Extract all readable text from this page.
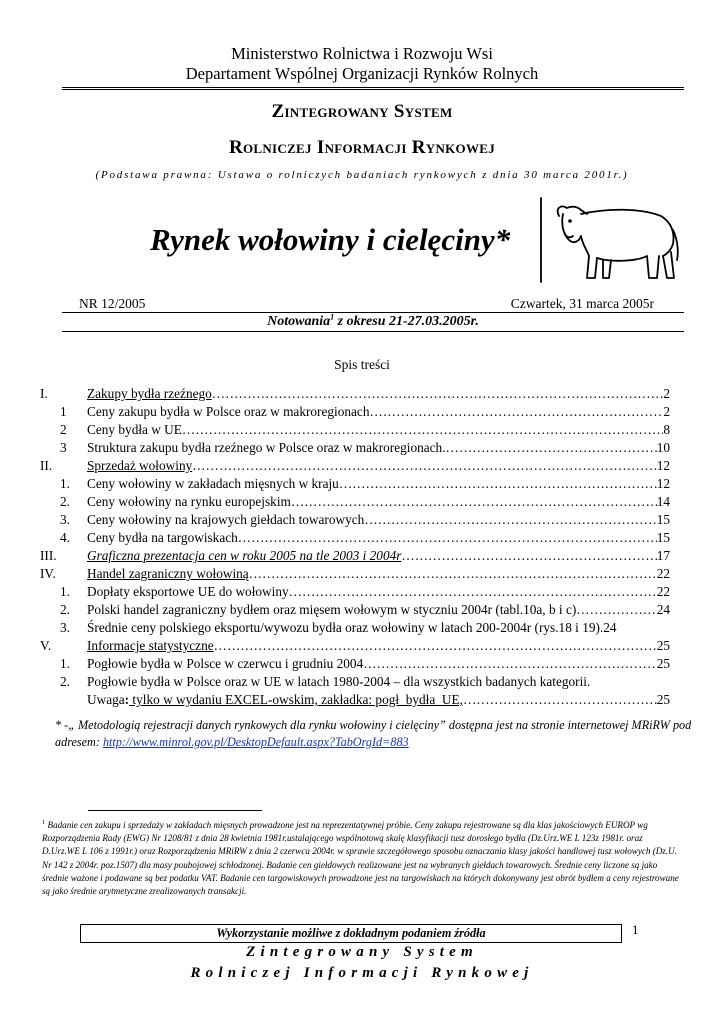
Ministerstwo Rolnictwa i Rozwoju Wsi
Departament Wspólnej Organizacji Rynków Rolnych
Zintegrowany System
Rolniczej Informacji Rynkowej
(Podstawa prawna: Ustawa o rolniczych badaniach rynkowych z dnia 30 marca 2001r.)
Rynek wołowiny i cielęciny*
NR 12/2005	Czwartek, 31 marca 2005r
Notowania$^1$ z okresu 21-27.03.2005r.
Spis treści
I.	Zakupy bydła rzeźnego ……………………………………………………………………………………………………………………………………………	2
1 Ceny zakupu bydła w Polsce oraz w makroregionach ……………………………………………………………………………………………………………………………………………	2
2 Ceny bydła w UE ……………………………………………………………………………………………………………………………………………	8
3 Struktura zakupu bydła rzeźnego w Polsce oraz w makroregionach. ……………………………………………………………………………………………………………………………………………	10
II.	Sprzedaż wołowiny ……………………………………………………………………………………………………………………………………………	12
1. Ceny wołowiny w zakładach mięsnych w kraju ……………………………………………………………………………………………………………………………………………	12
2. Ceny wołowiny na rynku europejskim ……………………………………………………………………………………………………………………………………………	14
3. Ceny wołowiny na krajowych giełdach towarowych ……………………………………………………………………………………………………………………………………………	15
4. Ceny bydła na targowiskach ……………………………………………………………………………………………………………………………………………	15
III. Graficzna prezentacja cen w roku 2005 na tle 2003 i 2004r ……………………………………………………………………………………………………………………………………………	17
IV. Handel zagraniczny wołowiną ……………………………………………………………………………………………………………………………………………	22
1. Dopłaty eksportowe UE do wołowiny ……………………………………………………………………………………………………………………………………………	22
2. Polski handel zagraniczny bydłem oraz mięsem wołowym w styczniu 2004r (tabl.10a, b i c) ……………………………………………………………………………………………………………………………………………	24
3. Średnie ceny polskiego eksportu/wywozu bydła oraz wołowiny w latach 200-2004r (rys.18 i 19). 24
V.	Informacje statystyczne ……………………………………………………………………………………………………………………………………………	25
1. Pogłowie bydła w Polsce w czerwcu i grudniu 2004 ……………………………………………………………………………………………………………………………………………	25
2. Pogłowie bydła w Polsce oraz w UE w latach 1980-2004 – dla wszystkich badanych kategorii.
Uwaga: tylko w wydaniu EXCEL-owskim, zakładka: pogł_bydła_UE, ……………………………………………………………………………………………………………………………………………	25
* -„ Metodologią rejestracji danych rynkowych dla rynku wołowiny i cielęciny” dostępna jest na stronie internetowej MRiRW pod adresem: http://www.minrol.gov.pl/DesktopDefault.aspx?TabOrgId=883
$^1$ Badanie cen zakupu i sprzedaży w zakładach mięsnych prowadzone jest na reprezentatywnej próbie. Ceny zakupu rejestrowane są dla klas jakościowych EUROP wg Rozporządzenia Rady (EWG) Nr 1208/81 z dnia 28 kwietnia 1981r.ustalającego wspólnotową skalę klasyfikacji tusz dorosłego bydła (Dz.Urz.WE L 123z 1981r. oraz D.Urz.WE L 106 z 1991r.) oraz Rozporządzenia MRiRW z dnia 2 czerwca 2004r. w sprawie szczegółowego sposobu oznaczania klasy jakości handlowej tusz wołowych (Dz.U. Nr 142 z 2004r. poz.1507) dla masy poubojowej schłodzonej. Badanie cen giełdowych realizowane jest na wybranych giełdach towarowych. Średnie ceny liczone są jako średnie ważone i podawane są bez podatku VAT. Badanie cen targowiskowych prowadzone jest na targowiskach na których dokonywany jest obrót bydłem a ceny rejestrowane są jako średnie arytmetyczne zrealizowanych transakcji.
Wykorzystanie możliwe z dokładnym podaniem źródła	1
Zintegrowany System
Rolniczej Informacji Rynkowej
